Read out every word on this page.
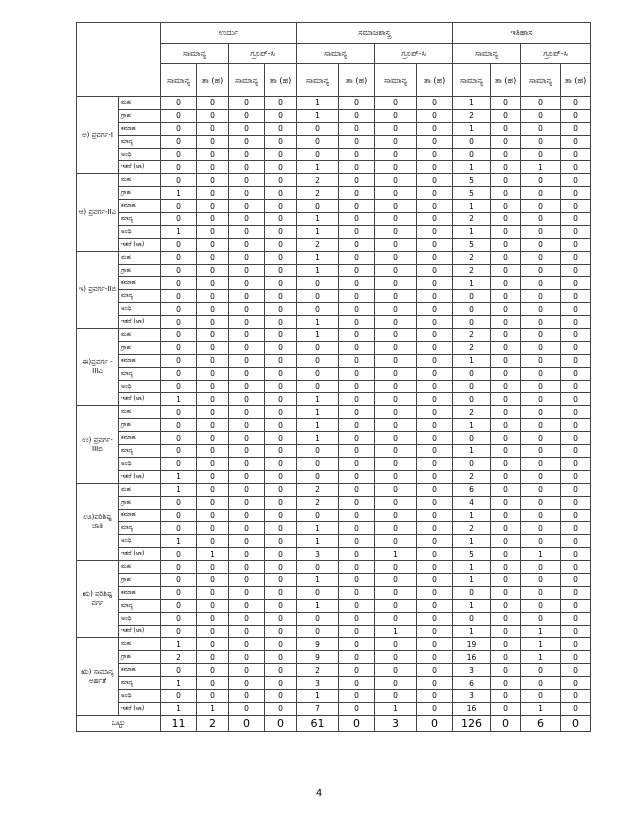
		ಉರ್ದು				ಸಮಾಜಶಾಸ್ತ್ರ				ಇತಿಹಾಸ			
		ಸಾಮಾನ್ಯ		ಗ್ರೂಪ್-ಸಿ		ಸಾಮಾನ್ಯ		ಗ್ರೂಪ್-ಸಿ		ಸಾಮಾನ್ಯ		ಗ್ರೂಪ್-ಸಿ	
		ಸಾಮಾನ್ಯ	ತಾ (ಹ)	ಸಾಮಾನ್ಯ	ತಾ (ಹ)	ಸಾಮಾನ್ಯ	ತಾ (ಹ)	ಸಾಮಾನ್ಯ	ತಾ (ಹ)	ಸಾಮಾನ್ಯ	ತಾ (ಹ)	ಸಾಮಾನ್ಯ	ತಾ (ಹ)
ಅ) ಪ್ರವರ್ಗ-I	ಮಹ	0	0	0	0	1	0	0	0	1	0	0	0
	ಗ್ರಾಹ	0	0	0	0	1	0	0	0	2	0	0	0
	ಕಮಾಹ	0	0	0	0	0	0	0	0	1	0	0	0
	ಮಾನ್ಯ	0	0	0	0	0	0	0	0	0	0	0	0
	ಅಂಧಿ	0	0	0	0	0	0	0	0	0	0	0	0
	ಇತರೆ (ಅಾ)	0	0	0	0	1	0	0	0	1	0	1	0
ಆ) ಪ್ರವರ್ಗ-IIಎ	ಮಹ	0	0	0	0	2	0	0	0	5	0	0	0
	ಗ್ರಾಹ	1	0	0	0	2	0	0	0	5	0	0	0
	ಕಮಾಹ	0	0	0	0	0	0	0	0	1	0	0	0
	ಮಾನ್ಯ	0	0	0	0	1	0	0	0	2	0	0	0
	ಅಂಧಿ	1	0	0	0	1	0	0	0	1	0	0	0
	ಇತರೆ (ಅಾ)	0	0	0	0	2	0	0	0	5	0	0	0
ಇ) ಪ್ರವರ್ಗ-IIಬಿ	ಮಹ	0	0	0	0	1	0	0	0	2	0	0	0
	ಗ್ರಾಹ	0	0	0	0	1	0	0	0	2	0	0	0
	ಕಮಾಹ	0	0	0	0	0	0	0	0	1	0	0	0
	ಮಾನ್ಯ	0	0	0	0	0	0	0	0	0	0	0	0
	ಅಂಧಿ	0	0	0	0	0	0	0	0	0	0	0	0
	ಇತರೆ (ಅಾ)	0	0	0	0	1	0	0	0	0	0	0	0
ಈ)ಪ್ರವರ್ಗ - IIIಎ	ಮಹ	0	0	0	0	1	0	0	0	2	0	0	0
	ಗ್ರಾಹ	0	0	0	0	0	0	0	0	2	0	0	0
	ಕಮಾಹ	0	0	0	0	0	0	0	0	1	0	0	0
	ಮಾನ್ಯ	0	0	0	0	0	0	0	0	0	0	0	0
	ಅಂಧಿ	0	0	0	0	0	0	0	0	0	0	0	0
	ಇತರೆ (ಅಾ)	1	0	0	0	1	0	0	0	0	0	0	0
ಉ) ಪ್ರವರ್ಗ-IIIಬಿ	ಮಹ	0	0	0	0	1	0	0	0	2	0	0	0
	ಗ್ರಾಹ	0	0	0	0	1	0	0	0	1	0	0	0
	ಕಮಾಹ	0	0	0	0	1	0	0	0	0	0	0	0
	ಮಾನ್ಯ	0	0	0	0	0	0	0	0	1	0	0	0
	ಅಂಧಿ	0	0	0	0	0	0	0	0	0	0	0	0
	ಇತರೆ (ಅಾ)	1	0	0	0	0	0	0	0	2	0	0	0
ಊ)ಪರಿಶಿಷ್ಟ ಜಾತಿ	ಮಹ	1	0	0	0	2	0	0	0	6	0	0	0
	ಗ್ರಾಹ	0	0	0	0	2	0	0	0	4	0	0	0
	ಕಮಾಹ	0	0	0	0	0	0	0	0	1	0	0	0
	ಮಾನ್ಯ	0	0	0	0	1	0	0	0	2	0	0	0
	ಅಂಧಿ	1	0	0	0	1	0	0	0	1	0	0	0
	ಇತರೆ (ಅಾ)	0	1	0	0	3	0	1	0	5	0	1	0
ಋ) ಪರಿಶಿಷ್ಟ ವರ್ಗ	ಮಹ	0	0	0	0	0	0	0	0	1	0	0	0
	ಗ್ರಾಹ	0	0	0	0	1	0	0	0	1	0	0	0
	ಕಮಾಹ	0	0	0	0	0	0	0	0	0	0	0	0
	ಮಾನ್ಯ	0	0	0	0	1	0	0	0	1	0	0	0
	ಅಂಧಿ	0	0	0	0	0	0	0	0	0	0	0	0
	ಇತರೆ (ಅಾ)	0	0	0	0	0	0	1	0	1	0	1	0
ಋ) ಸಾಮಾನ್ಯ ಅರ್ಹತೆ	ಮಹ	1	0	0	0	9	0	0	0	19	0	1	0
	ಗ್ರಾಹ	2	0	0	0	9	0	0	0	16	0	1	0
	ಕಮಾಹ	0	0	0	0	2	0	0	0	3	0	0	0
	ಮಾನ್ಯ	1	0	0	0	3	0	0	0	6	0	0	0
	ಅಂಧಿ	0	0	0	0	1	0	0	0	3	0	0	0
	ಇತರೆ (ಅಾ)	1	1	0	0	7	0	1	0	16	0	1	0
ಒಟ್ಟು		11	2	0	0	61	0	3	0	126	0	6	0
4
